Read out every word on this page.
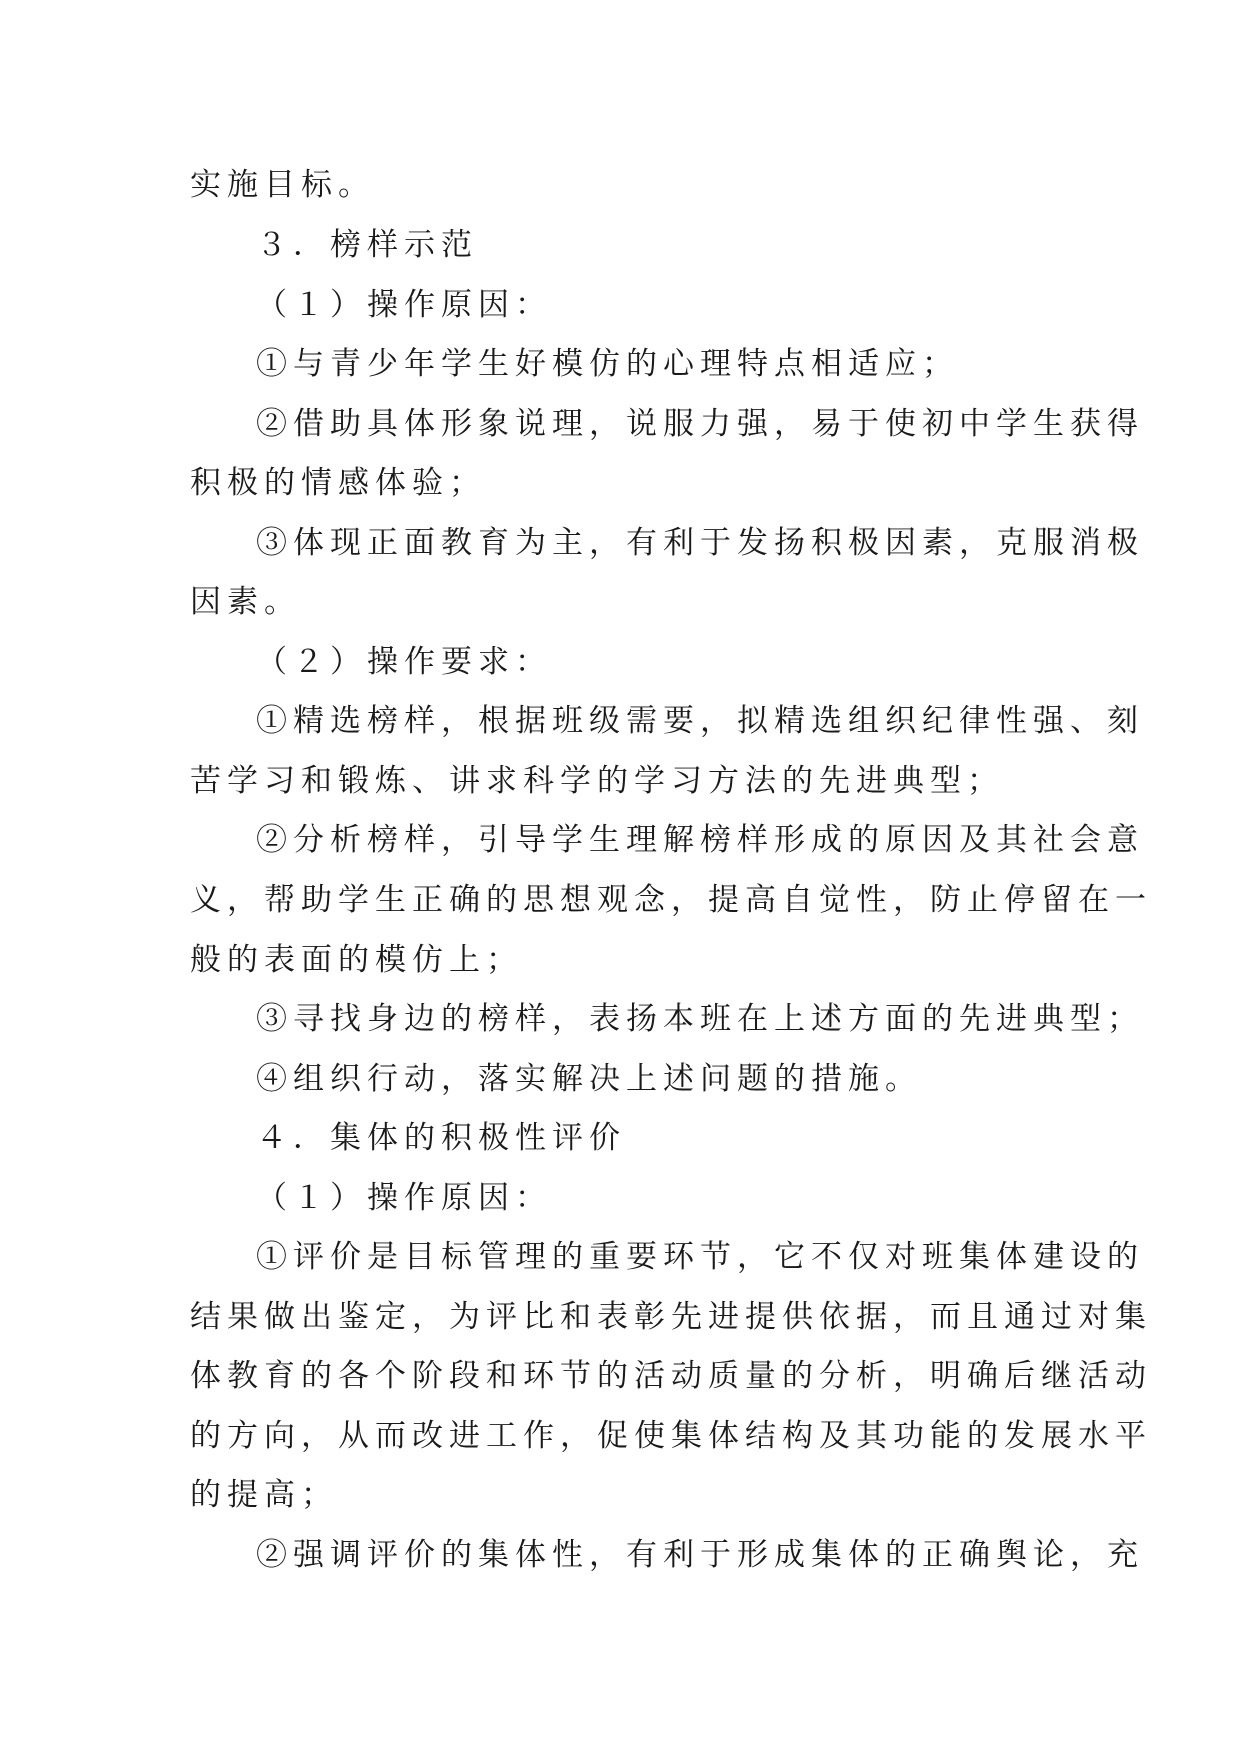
实施目标。
３．榜样示范
（１）操作原因：
①与青少年学生好模仿的心理特点相适应；
②借助具体形象说理，说服力强，易于使初中学生获得
积极的情感体验；
③体现正面教育为主，有利于发扬积极因素，克服消极
因素。
（２）操作要求：
①精选榜样，根据班级需要，拟精选组织纪律性强、刻
苦学习和锻炼、讲求科学的学习方法的先进典型；
②分析榜样，引导学生理解榜样形成的原因及其社会意
义，帮助学生正确的思想观念，提高自觉性，防止停留在一
般的表面的模仿上；
③寻找身边的榜样，表扬本班在上述方面的先进典型；
④组织行动，落实解决上述问题的措施。
４．集体的积极性评价
（１）操作原因：
①评价是目标管理的重要环节，它不仅对班集体建设的
结果做出鉴定，为评比和表彰先进提供依据，而且通过对集
体教育的各个阶段和环节的活动质量的分析，明确后继活动
的方向，从而改进工作，促使集体结构及其功能的发展水平
的提高；
②强调评价的集体性，有利于形成集体的正确舆论，充
